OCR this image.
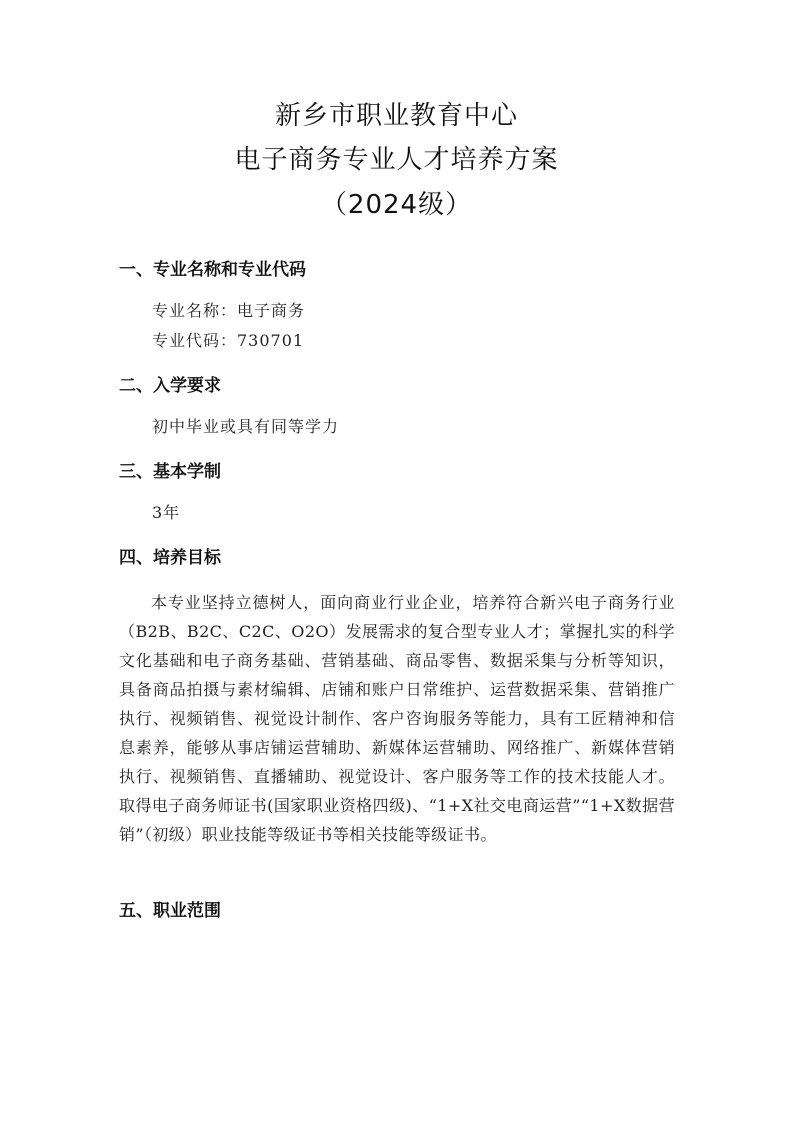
新乡市职业教育中心
电子商务专业人才培养方案
（2024级）
一、专业名称和专业代码
专业名称：电子商务
专业代码：730701
二、入学要求
初中毕业或具有同等学力
三、基本学制
3年
四、培养目标
本专业坚持立德树人，面向商业行业企业，培养符合新兴电子商务行业（B2B、B2C、C2C、O2O）发展需求的复合型专业人才；掌握扎实的科学文化基础和电子商务基础、营销基础、商品零售、数据采集与分析等知识，具备商品拍摄与素材编辑、店铺和账户日常维护、运营数据采集、营销推广执行、视频销售、视觉设计制作、客户咨询服务等能力，具有工匠精神和信息素养，能够从事店铺运营辅助、新媒体运营辅助、网络推广、新媒体营销执行、视频销售、直播辅助、视觉设计、客户服务等工作的技术技能人才。取得电子商务师证书(国家职业资格四级)、“1+X社交电商运营”“1+X数据营销”（初级）职业技能等级证书等相关技能等级证书。
五、职业范围
